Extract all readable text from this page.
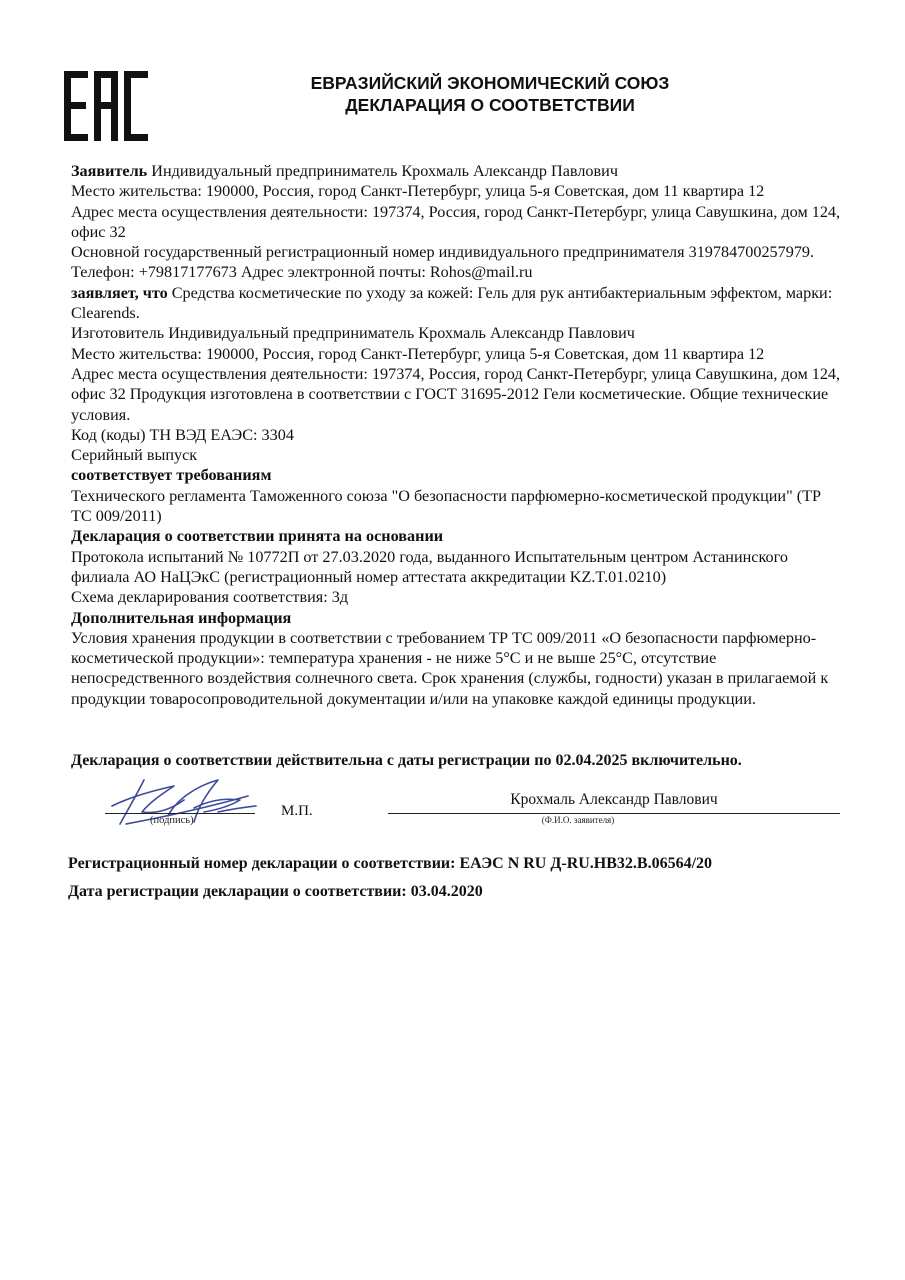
ЕВРАЗИЙСКИЙ ЭКОНОМИЧЕСКИЙ СОЮЗ
ДЕКЛАРАЦИЯ О СООТВЕТСТВИИ

Заявитель Индивидуальный предприниматель Крохмаль Александр Павлович

Место жительства: 190000, Россия, город Санкт-Петербург, улица 5-я Советская, дом 11 квартира 12

Адрес места осуществления деятельности: 197374, Россия, город Санкт-Петербург, улица Савушкина, дом 124, офис 32

Основной государственный регистрационный номер индивидуального предпринимателя 319784700257979.

Телефон: +79817177673 Адрес электронной почты: Rohos@mail.ru

заявляет, что Средства косметические по уходу за кожей: Гель для рук антибактериальным эффектом, марки: Clearends.

Изготовитель Индивидуальный предприниматель Крохмаль Александр Павлович

Место жительства: 190000, Россия, город Санкт-Петербург, улица 5-я Советская, дом 11 квартира 12

Адрес места осуществления деятельности: 197374, Россия, город Санкт-Петербург, улица Савушкина, дом 124, офис 32 Продукция изготовлена в соответствии с ГОСТ 31695-2012 Гели косметические. Общие технические условия.

Код (коды) ТН ВЭД ЕАЭС: 3304

Серийный выпуск

соответствует требованиям

Технического регламента Таможенного союза "О безопасности парфюмерно-косметической продукции" (ТР ТС 009/2011)

Декларация о соответствии принята на основании

Протокола испытаний № 10772П от 27.03.2020 года, выданного Испытательным центром Астанинского филиала АО НаЦЭкС (регистрационный номер аттестата аккредитации KZ.T.01.0210)

Схема декларирования соответствия: 3д

Дополнительная информация

Условия хранения продукции в соответствии с требованием ТР ТС 009/2011 «О безопасности парфюмерно-косметической продукции»: температура хранения - не ниже 5°С и не выше 25°С, отсутствие непосредственного воздействия солнечного света. Срок хранения (службы, годности) указан в прилагаемой к продукции товаросопроводительной документации и/или на упаковке каждой единицы продукции.

Декларация о соответствии действительна с даты регистрации по 02.04.2025 включительно.
(подпись)
М.П.
Крохмаль Александр Павлович
(Ф.И.О. заявителя)
Регистрационный номер декларации о соответствии: ЕАЭС N RU Д-RU.НВ32.В.06564/20
Дата регистрации декларации о соответствии: 03.04.2020
